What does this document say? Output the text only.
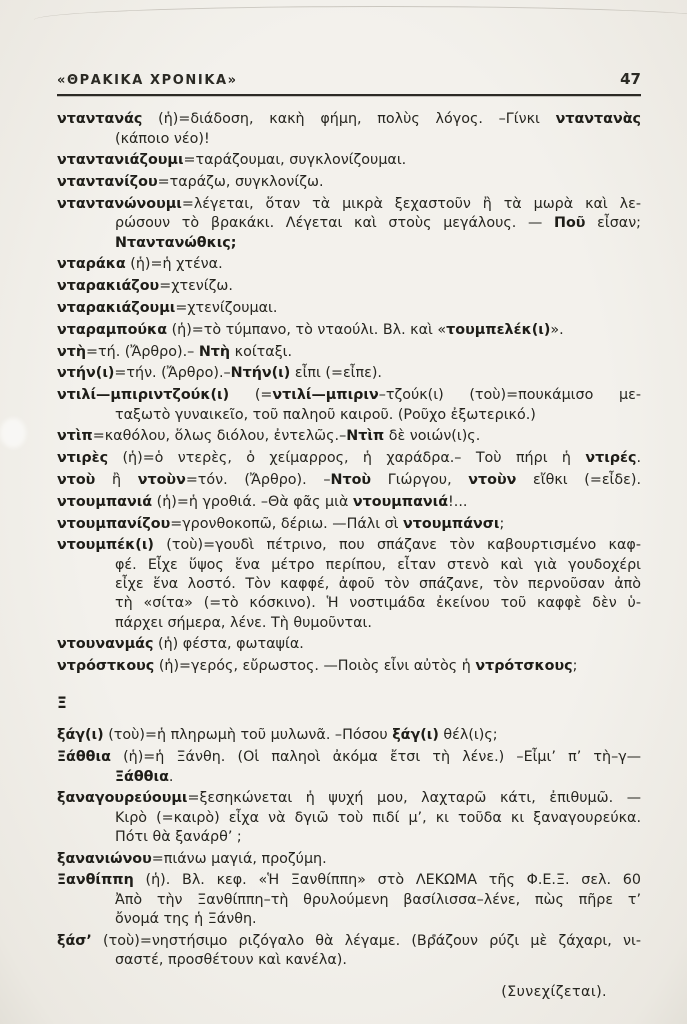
«ΘΡΑΚΙΚΑ ΧΡΟΝΙΚΑ»	47
νταντανάς (ἡ)=διάδοση, κακὴ φήμη, πολὺς λόγος. –Γίνκι νταντανὰς
(κάποιο νέο)!
νταντανιάζουμι=ταράζουμαι, συγκλονίζουμαι.
νταντανίζου=ταράζω, συγκλονίζω.
νταντανώνουμι=λέγεται, ὅταν τὰ μικρὰ ξεχαστοῦν ἢ τὰ μωρὰ καὶ λε-
ρώσουν τὸ βρακάκι. Λέγεται καὶ στοὺς μεγάλους. — Ποῦ εἶσαν;
Νταντανώθκις;
νταράκα (ἡ)=ἡ χτένα.
νταρακιάζου=χτενίζω.
νταρακιάζουμι=χτενίζουμαι.
νταραμπούκα (ἡ)=τὸ τύμπανο, τὸ νταούλι. Βλ. καὶ «τουμπελέκ(ι)».
ντὴ=τή. (Ἄρθρο).– Ντὴ κοίταξι.
ντήν(ι)=τήν. (Ἄρθρο).–Ντήν(ι) εἶπι (=εἶπε).
ντιλί—μπιριντζούκ(ι) (=ντιλί—μπιριν–τζούκ(ι) (τοὺ)=πουκάμισο με-
ταξωτὸ γυναικεῖο, τοῦ παληοῦ καιροῦ. (Ροῦχο ἐξωτερικό.)
ντὶπ=καθόλου, ὅλως διόλου, ἐντελῶς.–Ντὶπ δὲ νοιών(ι)ς.
ντιρὲς (ἡ)=ὁ ντερὲς, ὁ χείμαρρος, ἡ χαράδρα.– Τοὺ πήρι ἡ ντιρές.
ντοὺ ἢ ντοὺν=τόν. (Ἄρθρο). –Ντοὺ Γιώργου, ντοὺν εἴθκι (=εἶδε).
ντουμπανιά (ἡ)=ἡ γροθιά. –Θὰ φᾶς μιὰ ντουμπανιά!...
ντουμπανίζου=γρονθοκοπῶ, δέριω. —Πάλι σὶ ντουμπάνσι;
ντουμπέκ(ι) (τοὺ)=γουδὶ πέτρινο, που σπάζανε τὸν καβουρτισμένο καφ-
φέ. Εἶχε ὕψος ἕνα μέτρο περίπου, εἶταν στενὸ καὶ γιὰ γουδοχέρι
εἶχε ἕνα λοστό. Τὸν καφφέ, ἀφοῦ τὸν σπάζανε, τὸν περνοῦσαν ἀπὸ
τὴ «σίτα» (=τὸ κόσκινο). Ἡ νοστιμάδα ἐκείνου τοῦ καφφὲ δὲν ὑ-
πάρχει σήμερα, λένε. Τὴ θυμοῦνται.
ντουνανμάς (ἡ) φέστα, φωταψία.
ντρόστκους (ἡ)=γερός, εὔρωστος. —Ποιὸς εἶνι αὐτὸς ἡ ντρότσκους;
Ξ
ξάγ(ι) (τοὺ)=ἡ πληρωμὴ τοῦ μυλωνᾶ. –Πόσου ξάγ(ι) θέλ(ι)ς;
Ξάθθια (ἡ)=ἡ Ξάνθη. (Οἱ παληοὶ ἀκόμα ἔτσι τὴ λένε.) –Εἶμι’ π’ τὴ–γ—
Ξάθθια.
ξαναγουρεύουμι=ξεσηκώνεται ἡ ψυχή μου, λαχταρῶ κάτι, ἐπιθυμῶ. —
Κιρὸ (=καιρὸ) εἶχα νὰ δγιῶ τοὺ πιδί μ’, κι τοῦδα κι ξαναγουρεύκα.
Πότι θὰ ξανάρθ’ ;
ξανανιώνου=πιάνω μαγιά, προζύμη.
Ξανθίππη (ἡ). Βλ. κεφ. «Ἡ Ξανθίππη» στὸ ΛΕΚΩΜΑ τῆς Φ.Ε.Ξ. σελ. 60
Ἀπὸ τὴν Ξανθίππη–τὴ θρυλούμενη βασίλισσα–λένε, πὼς πῆρε τ’
ὄνομά της ἡ Ξάνθη.
ξάσ’ (τοὺ)=νηστήσιμο ριζόγαλο θὰ λέγαμε. (Βράζουν ρύζι μὲ ζάχαρι, νι-
σαστέ, προσθέτουν καὶ κανέλα).
(Συνεχίζεται).
